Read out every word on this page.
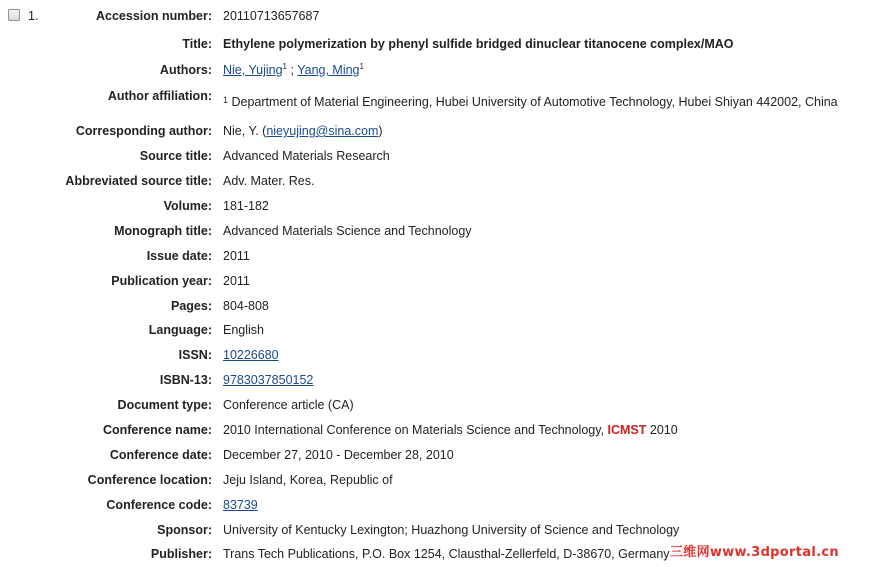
1.	Accession number: 20110713657687
Title: Ethylene polymerization by phenyl sulfide bridged dinuclear titanocene complex/MAO
Authors: Nie, Yujing$^1$ ; Yang, Ming$^1$
Author affiliation: $^1$ Department of Material Engineering, Hubei University of Automotive Technology, Hubei Shiyan 442002, China
Corresponding author: Nie, Y. (nieyujing@sina.com)
Source title: Advanced Materials Research
Abbreviated source title: Adv. Mater. Res.
Volume: 181-182
Monograph title: Advanced Materials Science and Technology
Issue date: 2011
Publication year: 2011
Pages: 804-808
Language: English
ISSN: 10226680
ISBN-13: 9783037850152
Document type: Conference article (CA)
Conference name: 2010 International Conference on Materials Science and Technology, ICMST 2010
Conference date: December 27, 2010 - December 28, 2010
Conference location: Jeju Island, Korea, Republic of
Conference code: 83739
Sponsor: University of Kentucky Lexington; Huazhong University of Science and Technology
Publisher: Trans Tech Publications, P.O. Box 1254, Clausthal-Zellerfeld, D-38670, Germany 三维网www.3dportal.cn
